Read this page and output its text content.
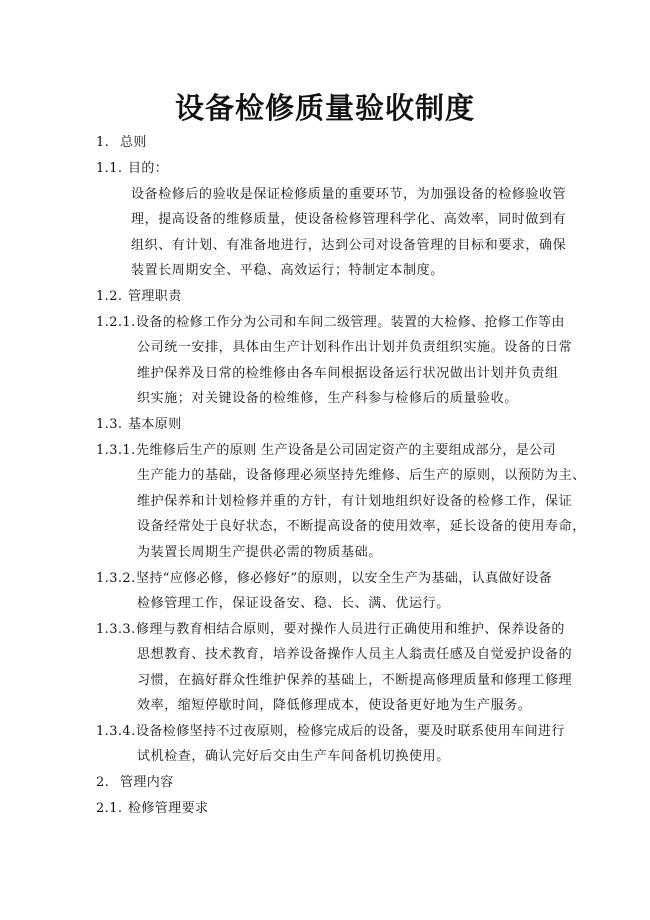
设备检修质量验收制度
1. 总则
1.1. 目的：
设备检修后的验收是保证检修质量的重要环节，为加强设备的检修验收管
理，提高设备的维修质量，使设备检修管理科学化、高效率，同时做到有
组织、有计划、有准备地进行，达到公司对设备管理的目标和要求，确保
装置长周期安全、平稳、高效运行；特制定本制度。
1.2. 管理职责
1.2.1.设备的检修工作分为公司和车间二级管理。装置的大检修、抢修工作等由
公司统一安排，具体由生产计划科作出计划并负责组织实施。设备的日常
维护保养及日常的检维修由各车间根据设备运行状况做出计划并负责组
织实施；对关键设备的检维修，生产科参与检修后的质量验收。
1.3. 基本原则
1.3.1.先维修后生产的原则 生产设备是公司固定资产的主要组成部分，是公司
生产能力的基础，设备修理必须坚持先维修、后生产的原则，以预防为主、
维护保养和计划检修并重的方针，有计划地组织好设备的检修工作，保证
设备经常处于良好状态，不断提高设备的使用效率，延长设备的使用寿命，
为装置长周期生产提供必需的物质基础。
1.3.2.坚持“应修必修，修必修好”的原则，以安全生产为基础，认真做好设备
检修管理工作，保证设备安、稳、长、满、优运行。
1.3.3.修理与教育相结合原则，要对操作人员进行正确使用和维护、保养设备的
思想教育、技术教育，培养设备操作人员主人翁责任感及自觉爱护设备的
习惯，在搞好群众性维护保养的基础上，不断提高修理质量和修理工修理
效率，缩短停歇时间，降低修理成本，使设备更好地为生产服务。
1.3.4.设备检修坚持不过夜原则，检修完成后的设备，要及时联系使用车间进行
试机检查，确认完好后交由生产车间备机切换使用。
2. 管理内容
2.1. 检修管理要求
